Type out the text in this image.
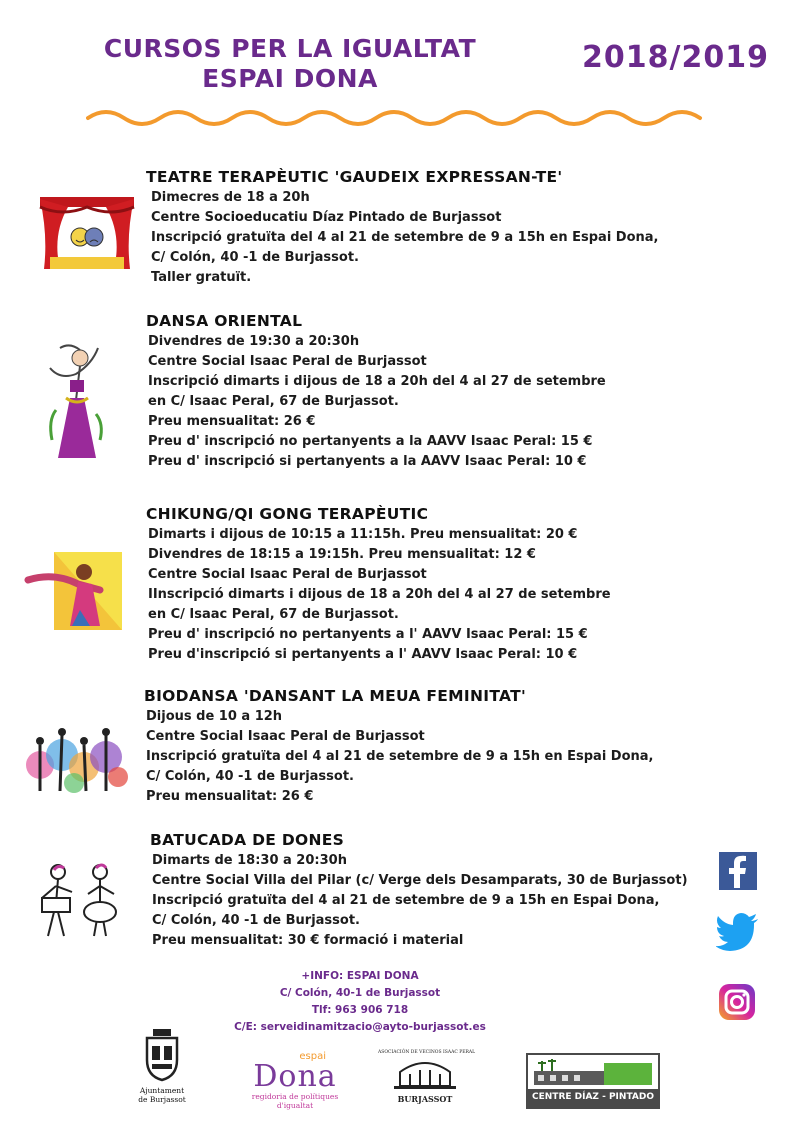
CURSOS PER LA IGUALTAT
ESPAI DONA
2018/2019
TEATRE TERAPÈUTIC 'GAUDEIX EXPRESSAN-TE'
Dimecres de 18 a 20h
Centre Socioeducatiu Díaz Pintado de Burjassot
Inscripció gratuïta del 4 al 21 de setembre de 9 a 15h en Espai Dona,
C/ Colón, 40 -1 de Burjassot.
Taller gratuït.
DANSA ORIENTAL
Divendres de 19:30 a 20:30h
Centre Social Isaac Peral de Burjassot
Inscripció dimarts i dijous de 18 a 20h del 4 al 27 de setembre
en C/ Isaac Peral, 67 de Burjassot.
Preu mensualitat: 26 €
Preu d' inscripció no pertanyents a la AAVV Isaac Peral: 15 €
Preu d' inscripció si pertanyents a la AAVV Isaac Peral: 10 €
CHIKUNG/QI GONG TERAPÈUTIC
Dimarts i dijous de 10:15 a 11:15h. Preu mensualitat: 20 €
Divendres de 18:15 a 19:15h. Preu mensualitat: 12 €
Centre Social Isaac Peral de Burjassot
IInscripció dimarts i dijous de 18 a 20h del 4 al 27 de setembre
en C/ Isaac Peral, 67 de Burjassot.
Preu d' inscripció no pertanyents a l' AAVV Isaac Peral: 15 €
Preu d'inscripció si pertanyents a l' AAVV Isaac Peral: 10 €
BIODANSA 'DANSANT LA MEUA FEMINITAT'
Dijous de 10 a 12h
Centre Social Isaac Peral de Burjassot
Inscripció gratuïta del 4 al 21 de setembre de 9 a 15h en Espai Dona,
C/ Colón, 40 -1 de Burjassot.
Preu mensualitat: 26 €
BATUCADA DE DONES
Dimarts de 18:30 a 20:30h
Centre Social Villa del Pilar (c/ Verge dels Desamparats, 30 de Burjassot)
Inscripció gratuïta del 4 al 21 de setembre de 9 a 15h en Espai Dona,
C/ Colón, 40 -1 de Burjassot.
Preu mensualitat: 30 € formació i material
+INFO: ESPAI DONA
C/ Colón, 40-1 de Burjassot
Tlf: 963 906 718
C/E: serveidinamitzacio@ayto-burjassot.es
Ajuntament
de Burjassot
espai
Dona
regidoria de polítiques
d'igualtat
ASOCIACIÓN DE VECINOS ISAAC PERAL
BURJASSOT	CENTRE DÍAZ - PINTADO
